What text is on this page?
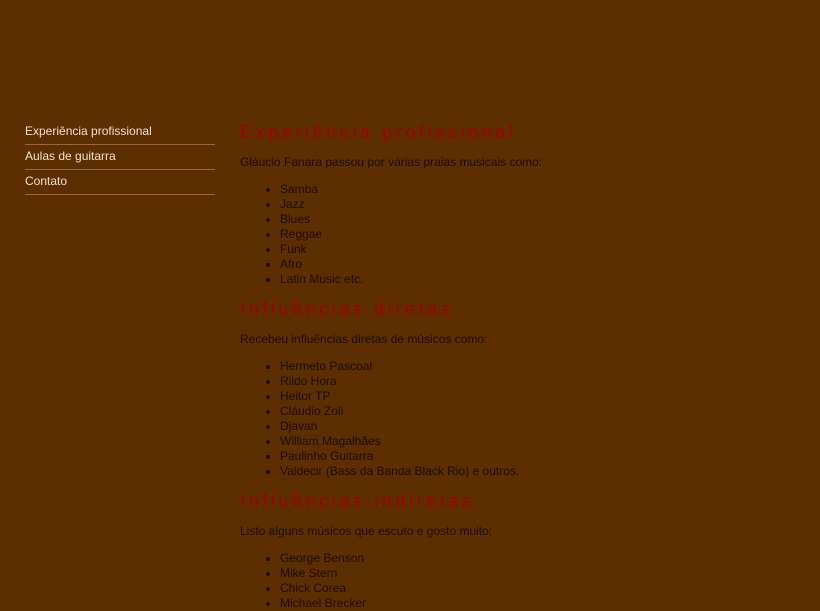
Experiência profissional
Aulas de guitarra
Contato
Experiência profissional

Gláucio Fanara passou por várias praias musicais como:

• Samba
• Jazz
• Blues
• Reggae
• Funk
• Afro
• Latin Music etc.
Influências diretas

Recebeu influências diretas de músicos como:

• Hermeto Pascoal
• Rildo Hora
• Heitor TP
• Cláudio Zoli
• Djavan
• William Magalhães
• Paulinho Guitarra
• Valdecir (Bass da Banda Black Rio) e outros.
Influências indiretas

Listo alguns músicos que escuto e gosto muito:

• George Benson
• Mike Stern
• Chick Corea
• Michael Brecker
